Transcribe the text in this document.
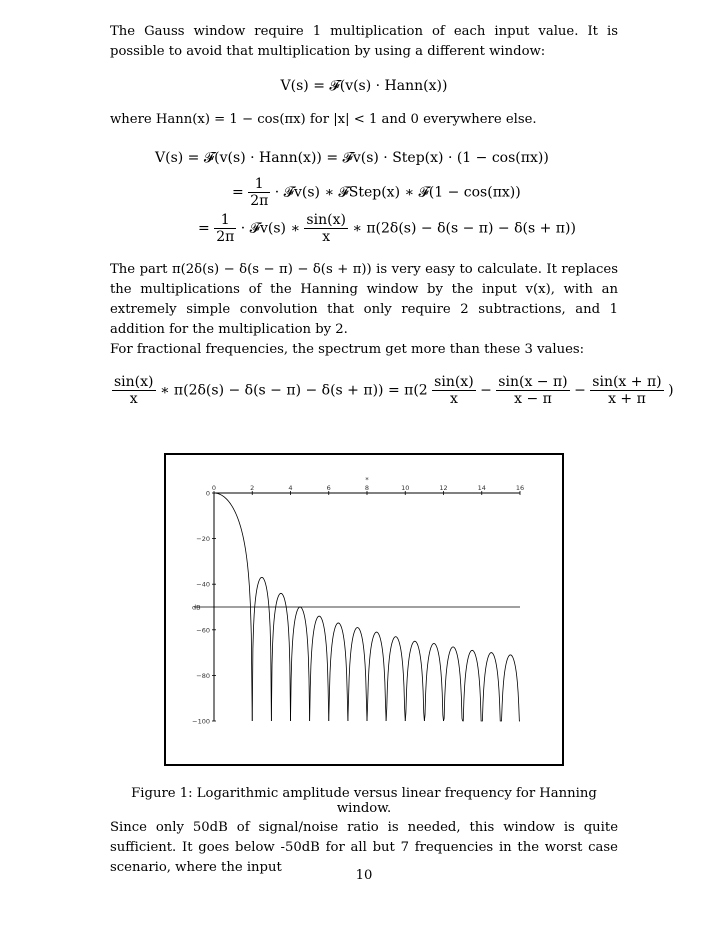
The Gauss window require 1 multiplication of each input value. It is possible to avoid that multiplication by using a different window:

V(s) = 𝓕(v(s) · Hann(x))

where Hann(x) = 1 − cos(πx) for |x| < 1 and 0 everywhere else.

V(s) = 𝓕(v(s) · Hann(x)) = 𝓕v(s) · Step(x) · (1 − cos(πx))
= $\frac{1}{2\pi}$ · 𝓕v(s) ∗ 𝓕Step(x) ∗ 𝓕(1 − cos(πx))
= $\frac{1}{2\pi}$ · 𝓕v(s) ∗ $\frac{\sin(x)}{x}$ ∗ π(2δ(s) − δ(s − π) − δ(s + π))

The part π(2δ(s) − δ(s − π) − δ(s + π)) is very easy to calculate. It replaces the multiplications of the Hanning window by the input v(x), with an extremely simple convolution that only require 2 subtractions, and 1 addition for the multiplication by 2.

For fractional frequencies, the spectrum get more than these 3 values:

$\frac{\sin(x)}{x}$ ∗ $\pi(2\delta(s) - \delta(s - \pi) - \delta(s + \pi)) = \pi(2 \frac{\sin(x)}{x} - \frac{\sin(x - \pi)}{x - \pi} - \frac{\sin(x + \pi)}{x + \pi}$ )
0	2	4	6	8	10	12	14	16
*
0
−20
−40
−60
−80
−100
dB
Figure 1: Logarithmic amplitude versus linear frequency for Hanning window.

Since only 50dB of signal/noise ratio is needed, this window is quite sufficient. It goes below -50dB for all but 7 frequencies in the worst case scenario, where the input

10
